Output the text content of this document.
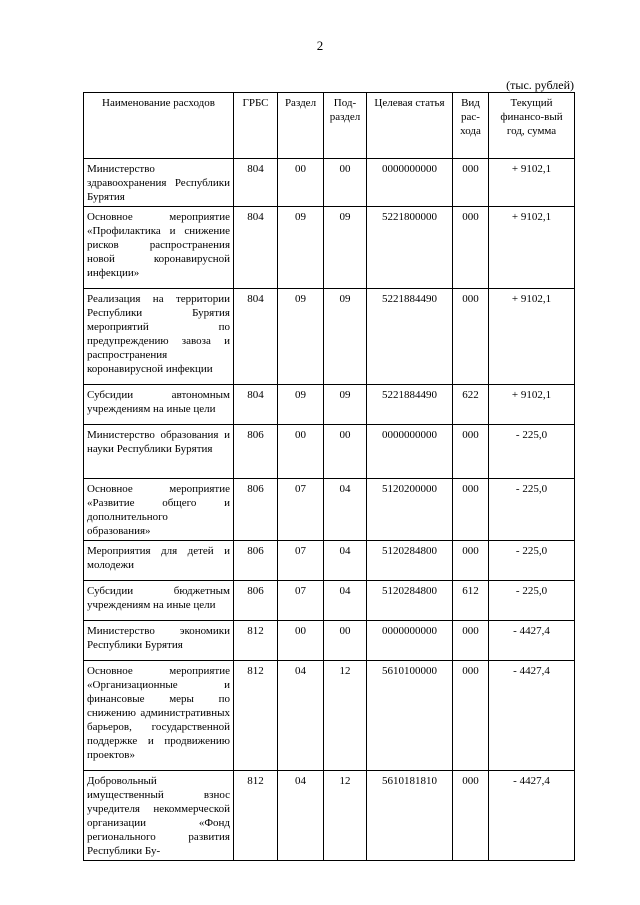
2
(тыс. рублей)
Наименование расходов	ГРБС	Раздел	Под-раздел	Целевая статья	Вид рас-хода	Текущий финансо-вый год, сумма
Министерство здравоохранения Республики Бурятия	804	00	00	0000000000	000	+ 9102,1
Основное мероприятие «Профилактика и снижение рисков распространения новой коронавирусной инфекции»	804	09	09	5221800000	000	+ 9102,1
Реализация на территории Республики Бурятия мероприятий по предупреждению завоза и распространения коронавирусной инфекции	804	09	09	5221884490	000	+ 9102,1
Субсидии автономным учреждениям на иные цели	804	09	09	5221884490	622	+ 9102,1
Министерство образования и науки Республики Бурятия	806	00	00	0000000000	000	- 225,0
Основное мероприятие «Развитие общего и дополнительного образования»	806	07	04	5120200000	000	- 225,0
Мероприятия для детей и молодежи	806	07	04	5120284800	000	- 225,0
Субсидии бюджетным учреждениям на иные цели	806	07	04	5120284800	612	- 225,0
Министерство экономики Республики Бурятия	812	00	00	0000000000	000	- 4427,4
Основное мероприятие «Организационные и финансовые меры по снижению административных барьеров, государственной поддержке и продвижению проектов»	812	04	12	5610100000	000	- 4427,4
Добровольный имущественный взнос учредителя некоммерческой организации «Фонд регионального развития Республики Бу-	812	04	12	5610181810	000	- 4427,4
